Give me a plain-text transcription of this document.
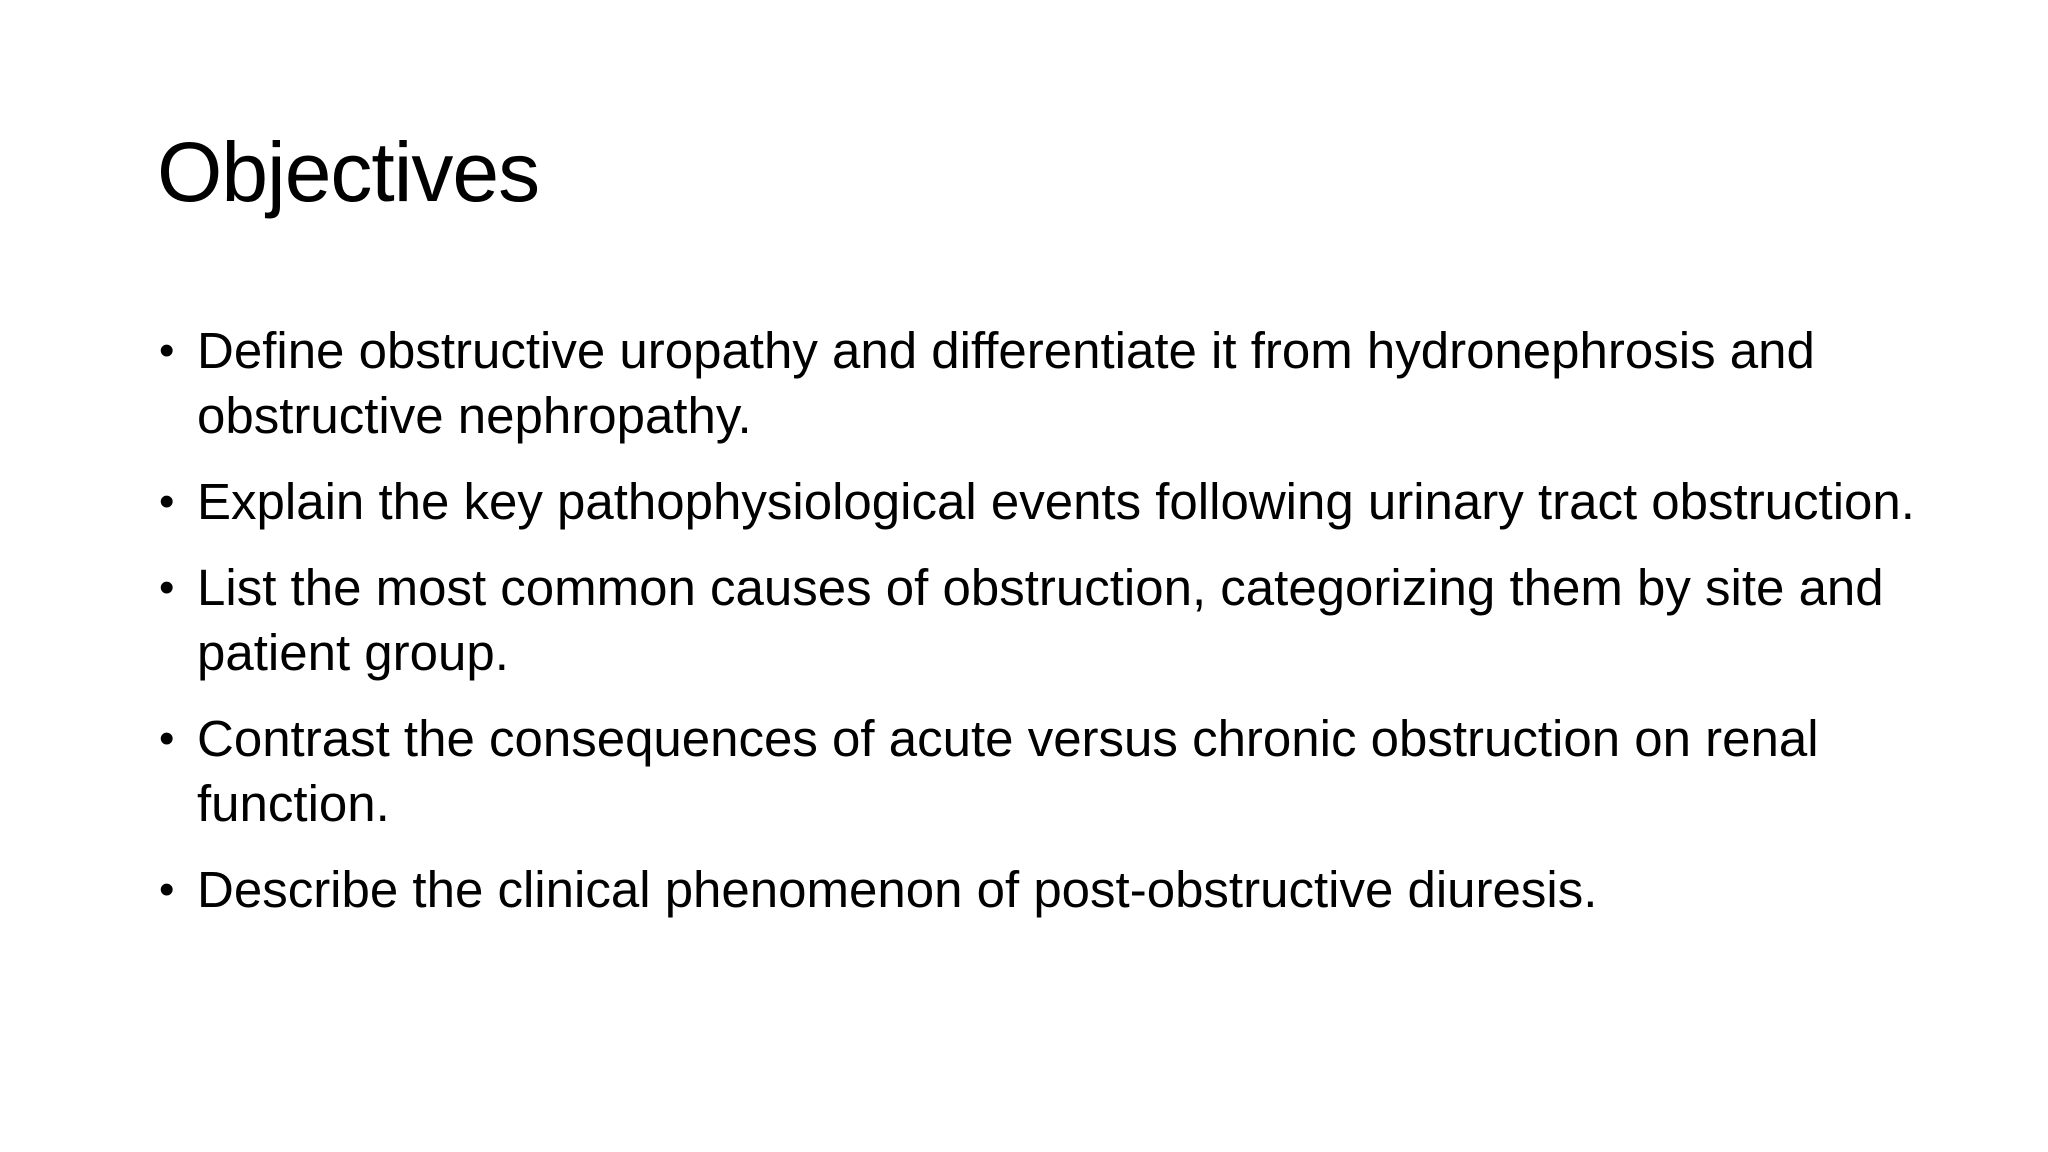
Objectives
• Define obstructive uropathy and differentiate it from hydronephrosis and obstructive nephropathy.
• Explain the key pathophysiological events following urinary tract obstruction.
• List the most common causes of obstruction, categorizing them by site and patient group.
• Contrast the consequences of acute versus chronic obstruction on renal function.
• Describe the clinical phenomenon of post-obstructive diuresis.
